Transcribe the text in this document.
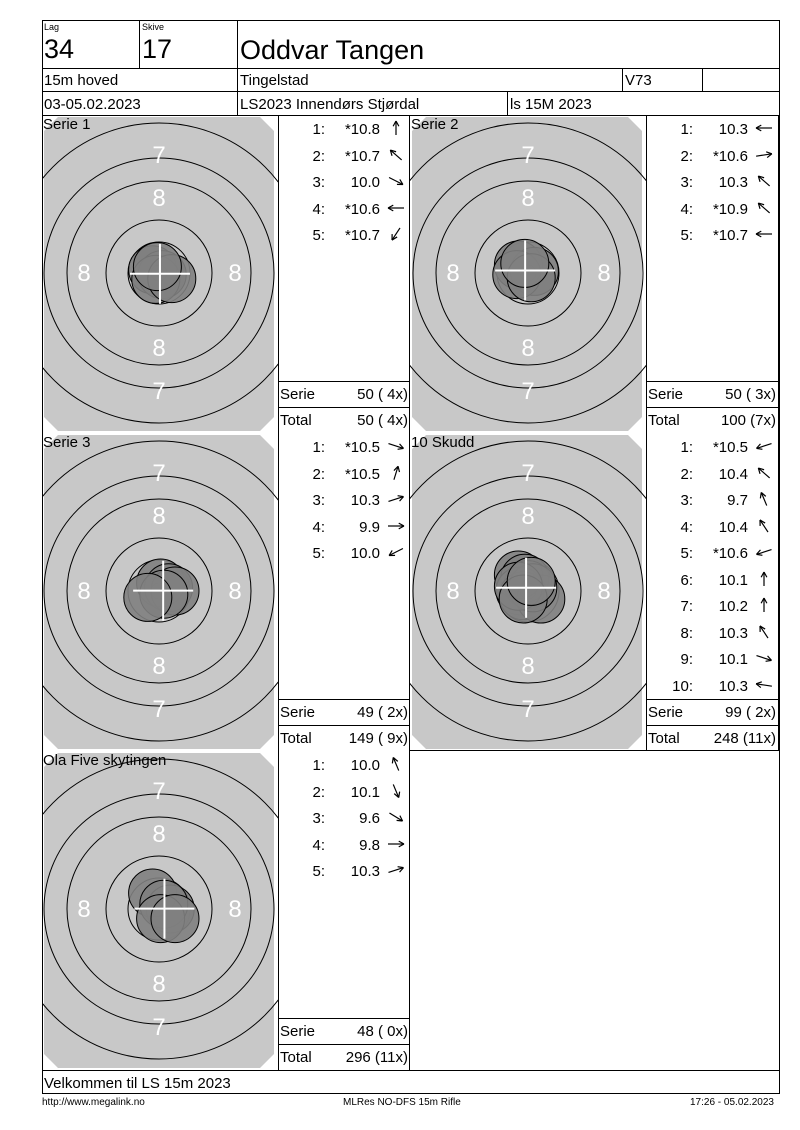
Lag
34
Skive
17	Oddvar Tangen
15m hoved	Tingelstad	V73
03-05.02.2023	LS2023 Innendørs Stjørdal	ls 15M 2023
7
7
8
8
8	8
Serie 1	1:	*10.8
2:	*10.7
3:	10.0
4:	*10.6
5:	*10.7
Serie	50 ( 4x)
Total	50 ( 4x)
7
7
8
8
8	8
Serie 2	1:	10.3
2:	*10.6
3:	10.3
4:	*10.9
5:	*10.7
Serie	50 ( 3x)
Total	100 (7x)
7
7
8
8
8	8
Serie 3	1:	*10.5
2:	*10.5
3:	10.3
4:	9.9
5:	10.0
Serie	49 ( 2x)
Total 149 ( 9x)
7
7
8
8
8	8
10 Skudd	1:	*10.5
2:	10.4
3:	9.7
4:	10.4
5:	*10.6
6:	10.1
7:	10.2
8:	10.3
9:	10.1
10:	10.3
Serie	99 ( 2x)
Total 248 (11x)
7
7
8
8
8	8
Ola Five skytingen	1:	10.0
2:	10.1
3:	9.6
4:	9.8
5:	10.3
Serie	48 ( 0x)
Total 296 (11x)
Velkommen til LS 15m 2023
http://www.megalink.no	MLRes NO-DFS 15m Rifle	17:26 - 05.02.2023
